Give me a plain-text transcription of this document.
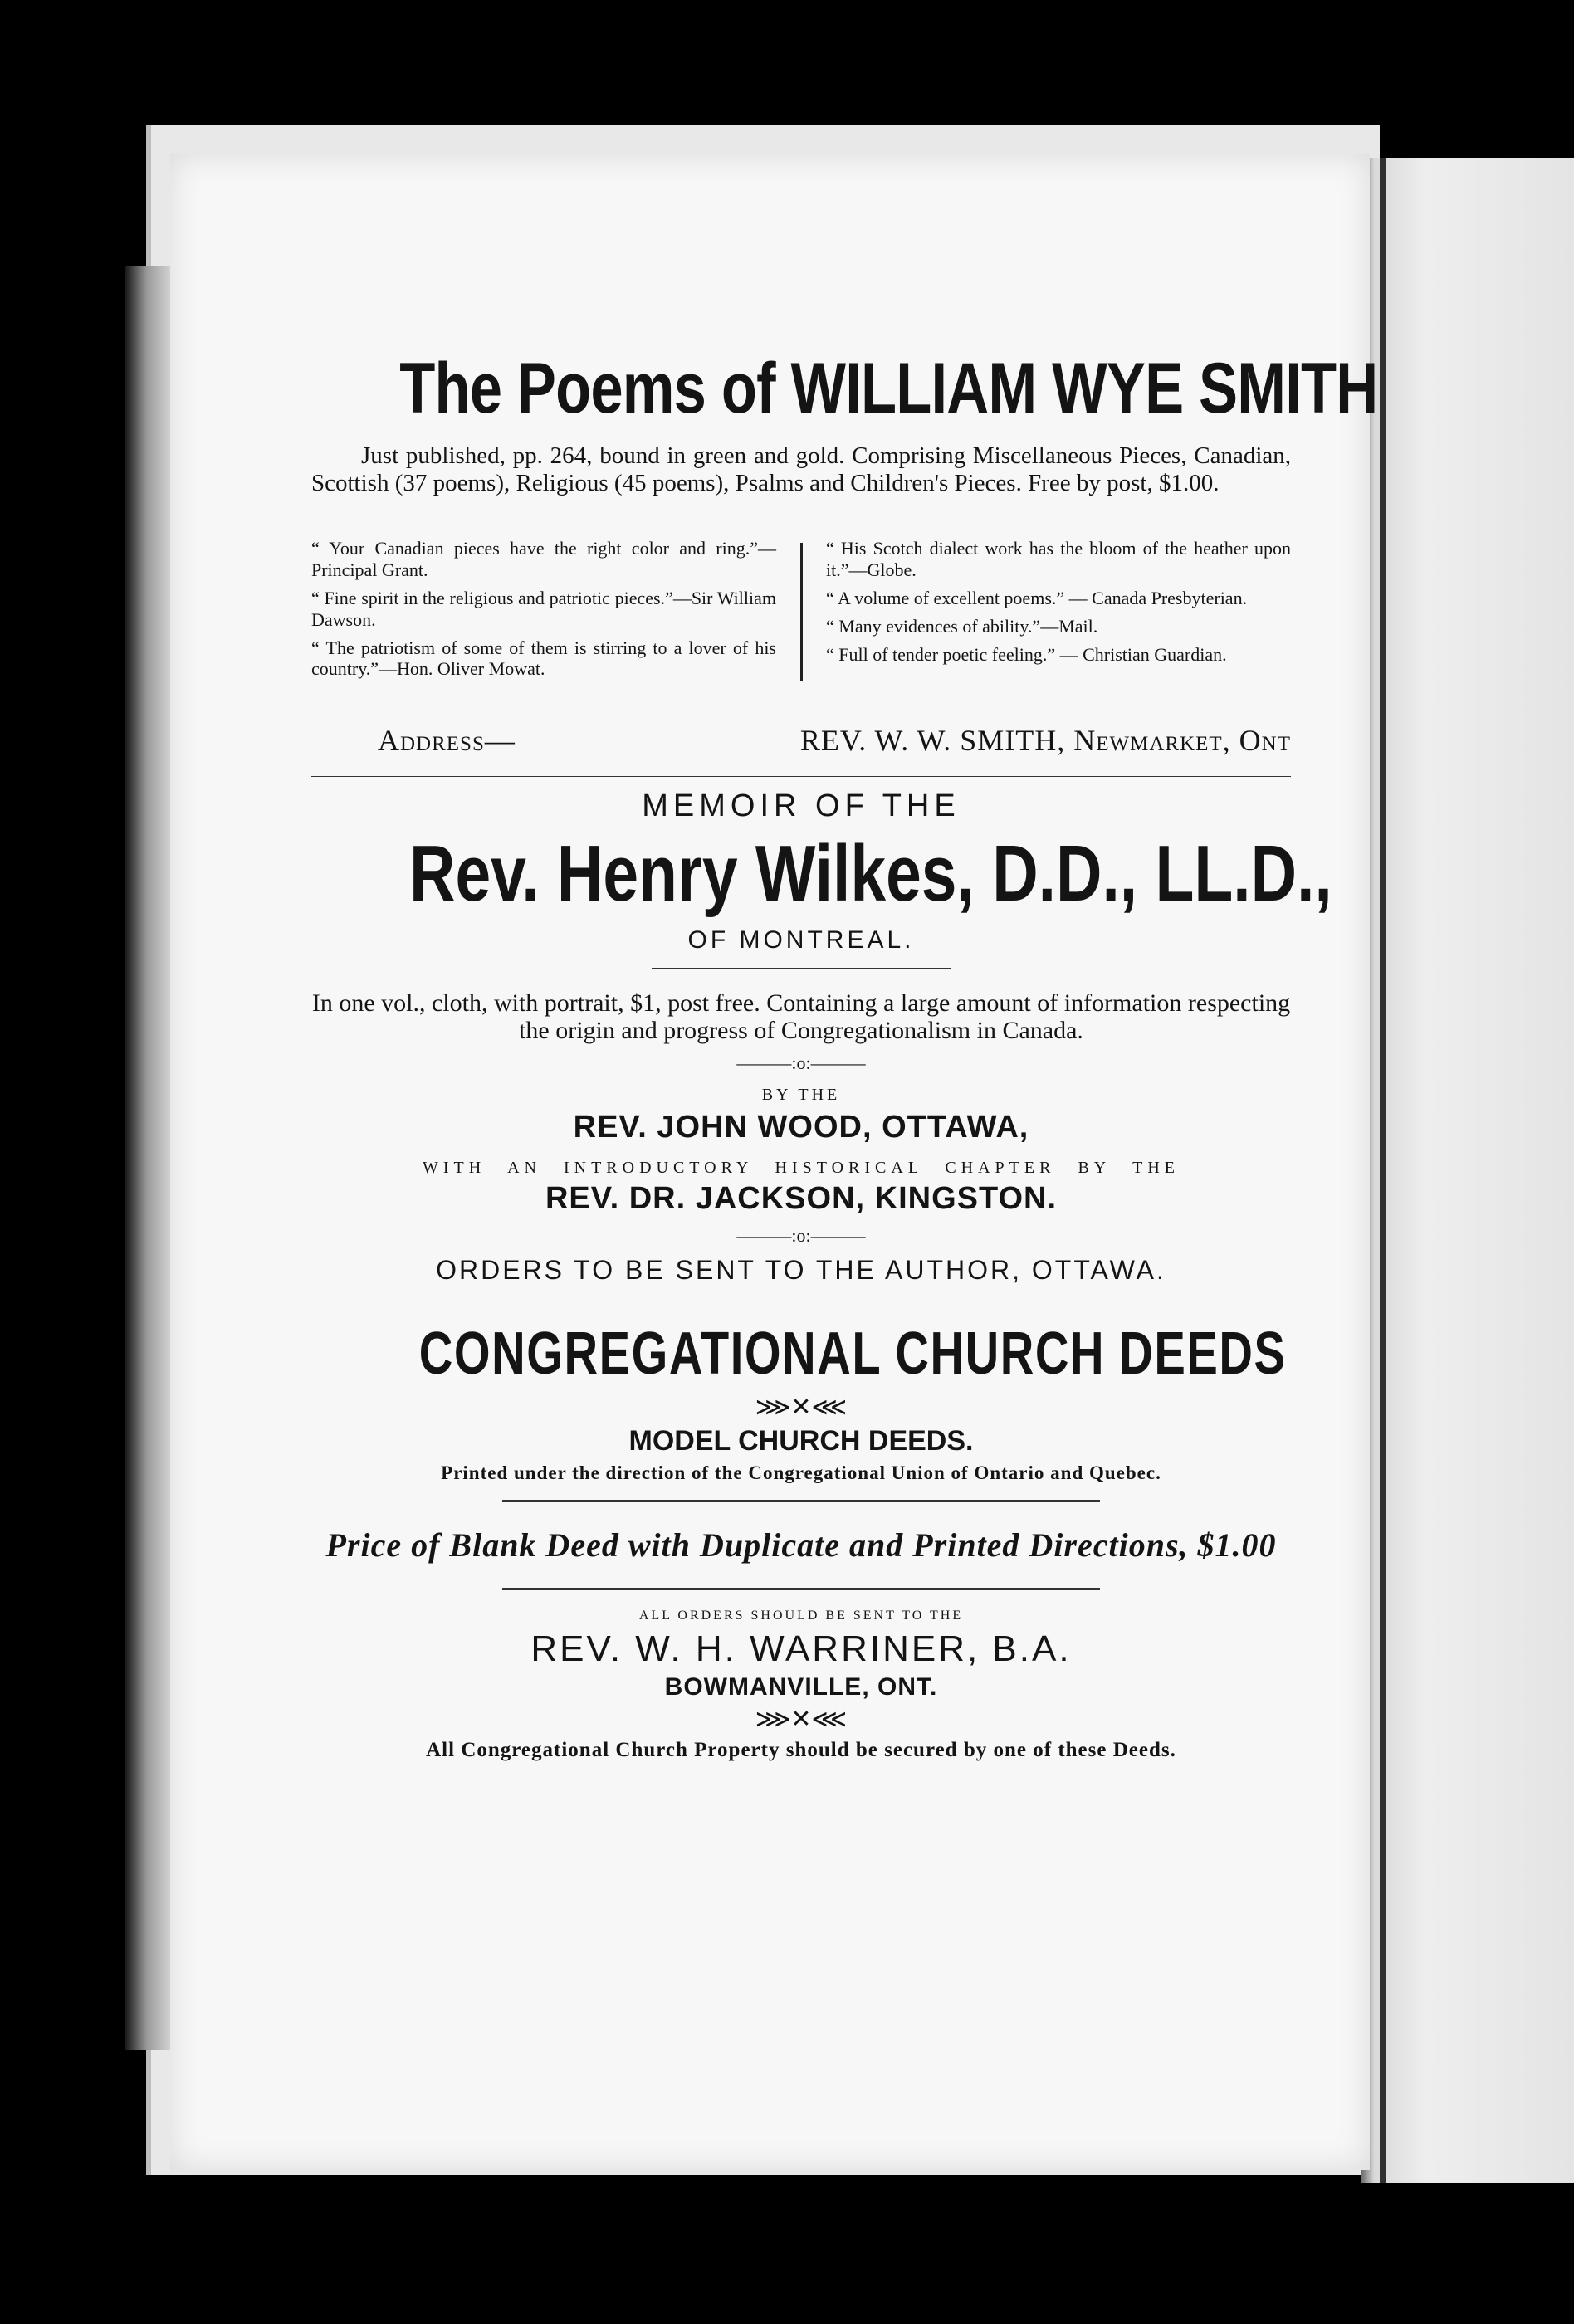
The Poems of WILLIAM WYE SMITH

Just published, pp. 264, bound in green and gold. Comprising Miscellaneous Pieces, Canadian, Scottish (37 poems), Religious (45 poems), Psalms and Children's Pieces. Free by post, $1.00.

“ Your Canadian pieces have the right color and ring.”—Principal Grant.

“ Fine spirit in the religious and patriotic pieces.”—Sir William Dawson.

“ The patriotism of some of them is stirring to a lover of his country.”—Hon. Oliver Mowat.

“ His Scotch dialect work has the bloom of the heather upon it.”—Globe.

“ A volume of excellent poems.” — Canada Presbyterian.

“ Many evidences of ability.”—Mail.

“ Full of tender poetic feeling.” — Christian Guardian.

Address—	REV. W. W. SMITH, Newmarket, Ont
MEMOIR OF THE
Rev. Henry Wilkes, D.D., LL.D.,
OF MONTREAL.
In one vol., cloth, with portrait, $1, post free. Containing a large amount of information respecting the origin and progress of Congregationalism in Canada.
———:o:———
BY THE
REV. JOHN WOOD, OTTAWA,
WITH AN INTRODUCTORY HISTORICAL CHAPTER BY THE
REV. DR. JACKSON, KINGSTON.
———:o:———
ORDERS TO BE SENT TO THE AUTHOR, OTTAWA.
CONGREGATIONAL CHURCH DEEDS
⋙✕⋘
MODEL CHURCH DEEDS.
Printed under the direction of the Congregational Union of Ontario and Quebec.
Price of Blank Deed with Duplicate and Printed Directions, $1.00
ALL ORDERS SHOULD BE SENT TO THE
REV. W. H. WARRINER, B.A.
BOWMANVILLE, ONT.
⋙✕⋘
All Congregational Church Property should be secured by one of these Deeds.
